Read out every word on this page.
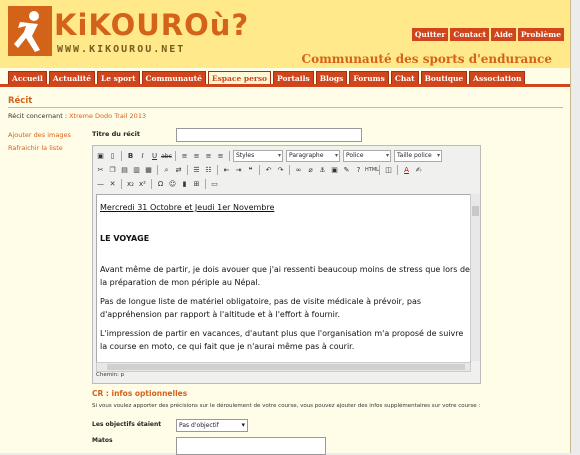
KiKOUROù?
WWW.KIKOUROU.NET
Quitter	Contact	Aide	Problème
Communauté des sports d'endurance
Accueil	Actualité	Le sport	Communauté	Espace perso	Portails	Blogs	Forums	Chat	Boutique	Association
Récit
Récit concernant : Xtreme Dodo Trail 2013
Ajouter des images
Rafraichir la liste
Titre du récit
▣ ▯	B	I	U abc	≡ ≡ ≡ ≡	Styles ▾	Paragraphe ▾	Police ▾	Taille police ▾
✂ ❐ ▤ ▥ ▦	⌕	⇄	☰ ☷	⇤ ⇥	❝	↶ ↷	∞ ⌀ ⚓ ▣ ✎	? HTML ◫	A ✍
— ✕	x₂ x²	Ω ☺ ▮	⊞	▭

Mercredi 31 Octobre et Jeudi 1er Novembre

LE VOYAGE

Avant même de partir, je dois avouer que j'ai ressenti beaucoup moins de stress que lors de la préparation de mon périple au Népal.

Pas de longue liste de matériel obligatoire, pas de visite médicale à prévoir, pas d'appréhension par rapport à l'altitude et à l'effort à fournir.

L'impression de partir en vacances, d'autant plus que l'organisation m'a proposé de suivre la course en moto, ce qui fait que je n'aurai même pas à courir.

Chemin: p
CR : infos optionnelles
Si vous voulez apporter des précisions sur le déroulement de votre course, vous pouvez ajouter des infos supplémentaires sur votre course :
Les objectifs étaient	Pas d'objectif ▾
Matos
